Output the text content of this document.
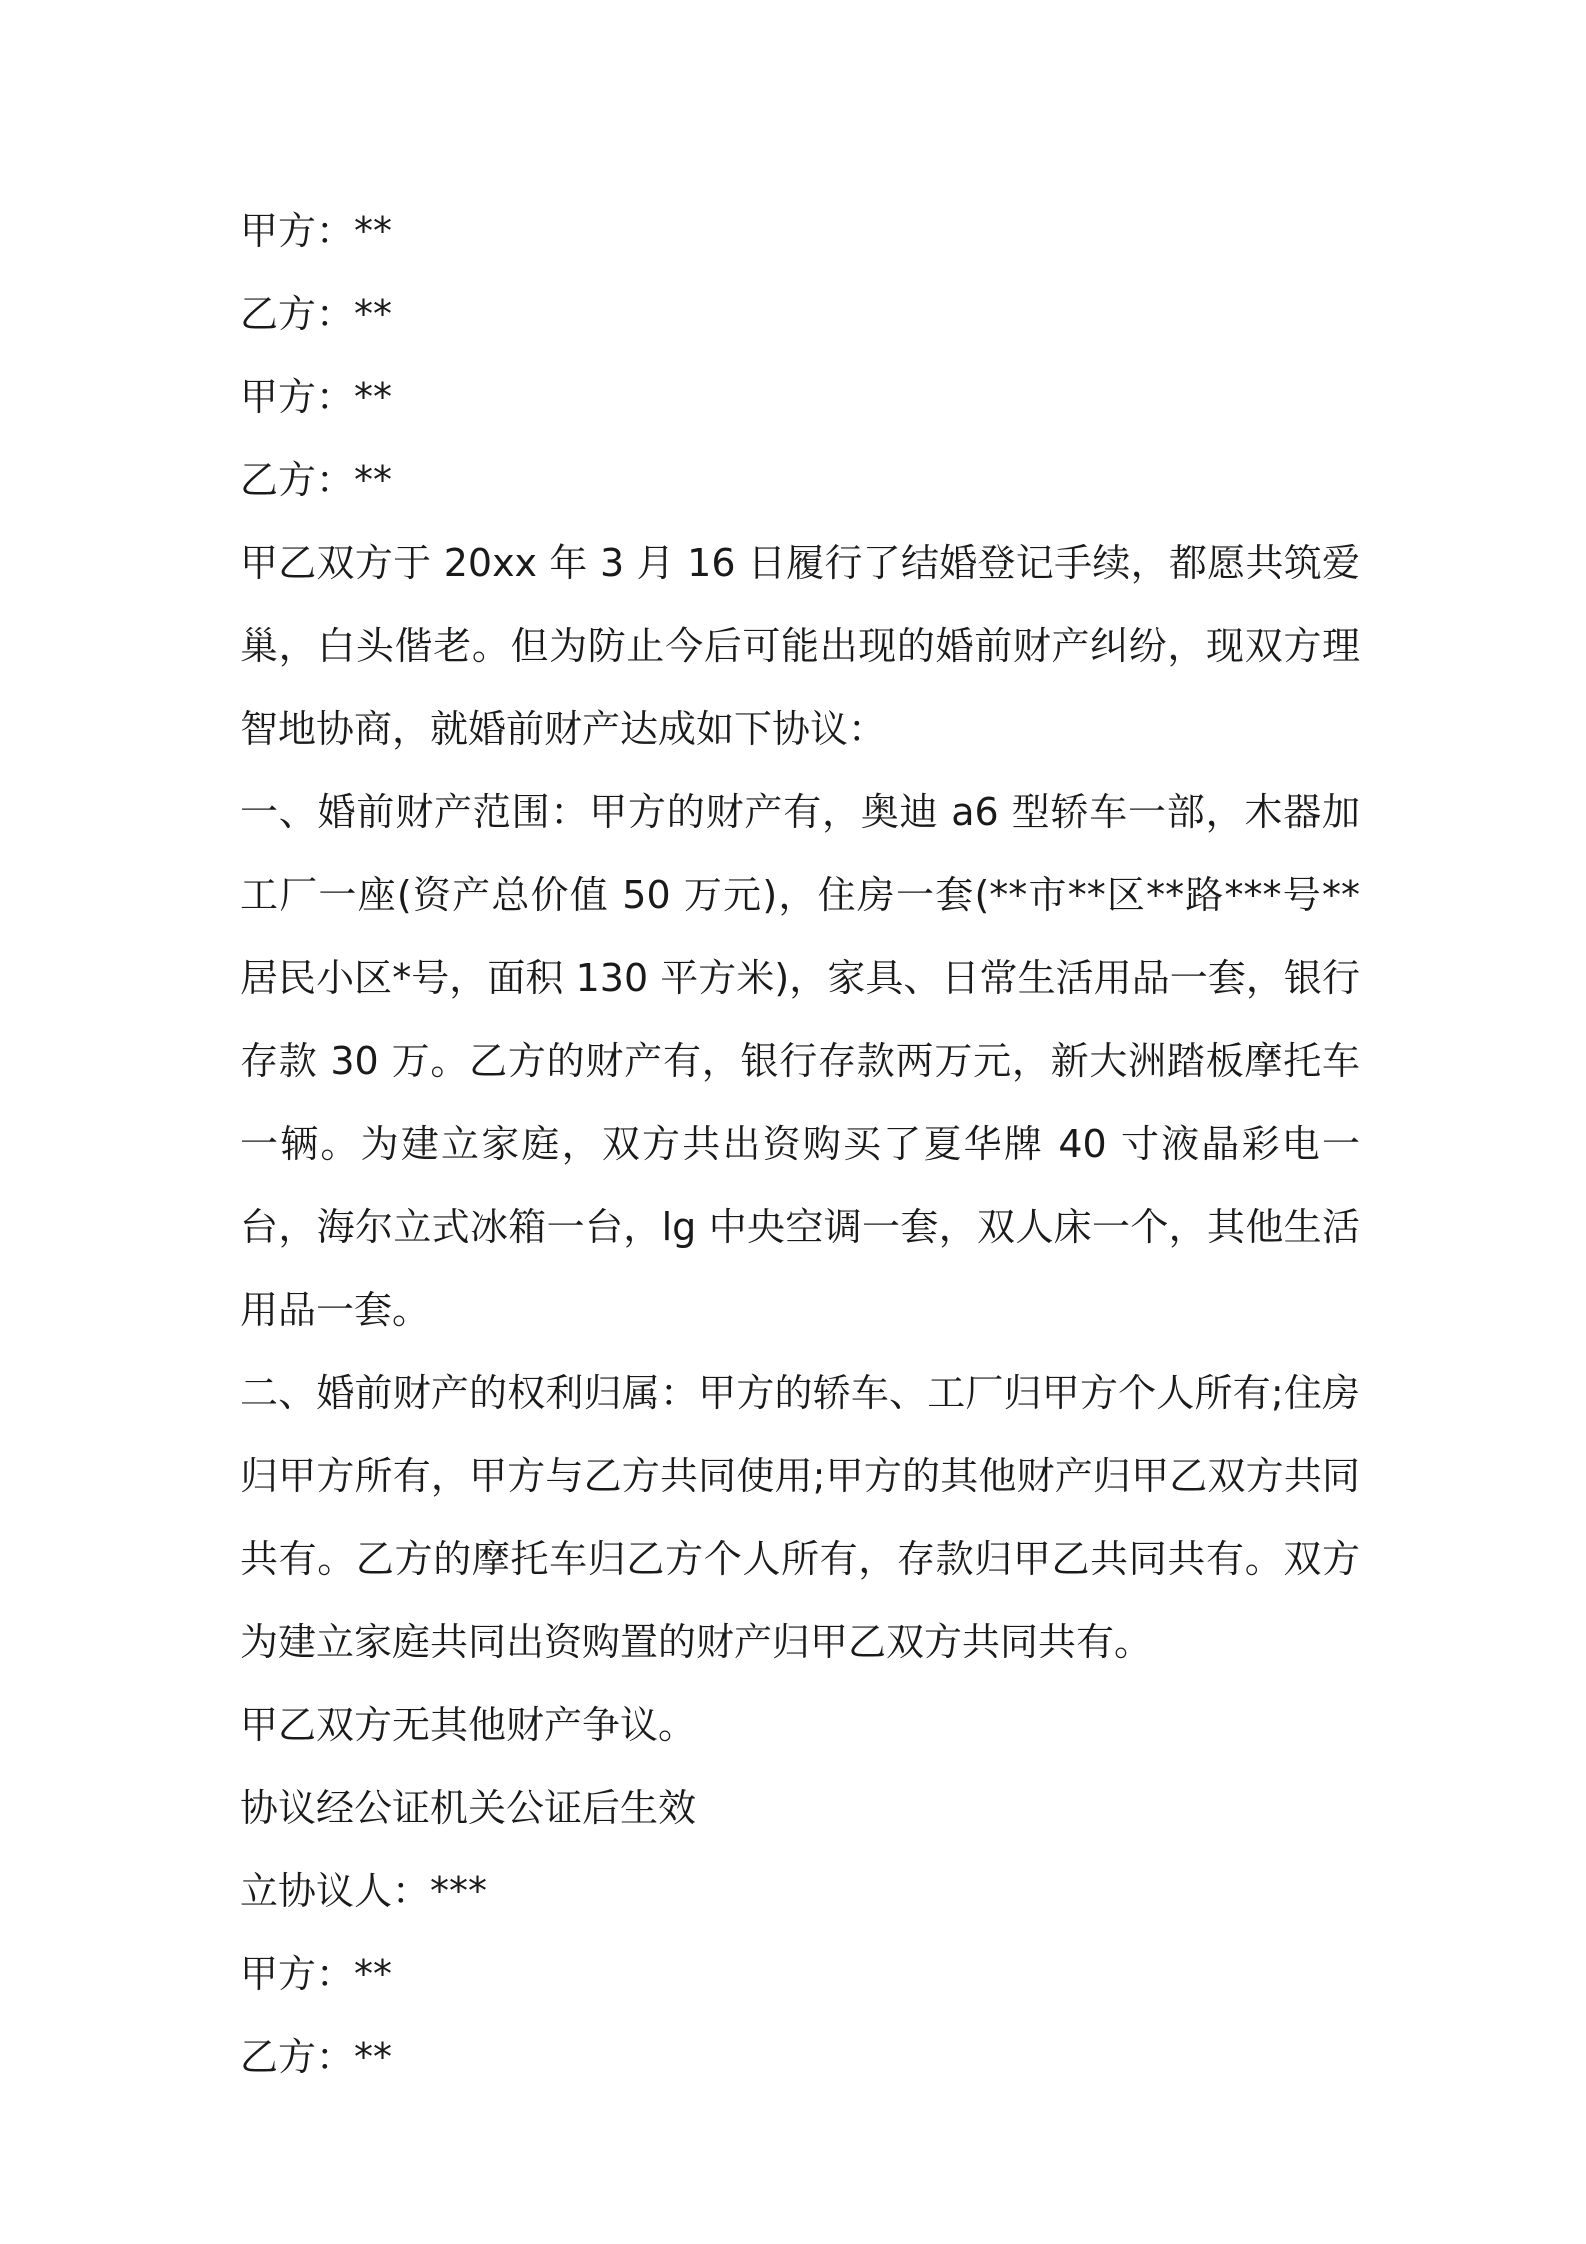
甲方：**

乙方：**

甲方：**

乙方：**

甲乙双方于 20xx 年 3 月 16 日履行了结婚登记手续，都愿共筑爱巢，白头偕老。但为防止今后可能出现的婚前财产纠纷，现双方理智地协商，就婚前财产达成如下协议：

一、婚前财产范围：甲方的财产有，奥迪 a6 型轿车一部，木器加工厂一座(资产总价值 50 万元)，住房一套(**市**区**路***号**居民小区*号，面积 130 平方米)，家具、日常生活用品一套，银行存款 30 万。乙方的财产有，银行存款两万元，新大洲踏板摩托车一辆。为建立家庭，双方共出资购买了夏华牌 40 寸液晶彩电一台，海尔立式冰箱一台，lg 中央空调一套，双人床一个，其他生活用品一套。

二、婚前财产的权利归属：甲方的轿车、工厂归甲方个人所有;住房归甲方所有，甲方与乙方共同使用;甲方的其他财产归甲乙双方共同共有。乙方的摩托车归乙方个人所有，存款归甲乙共同共有。双方为建立家庭共同出资购置的财产归甲乙双方共同共有。

甲乙双方无其他财产争议。

协议经公证机关公证后生效

立协议人：***

甲方：**

乙方：**
